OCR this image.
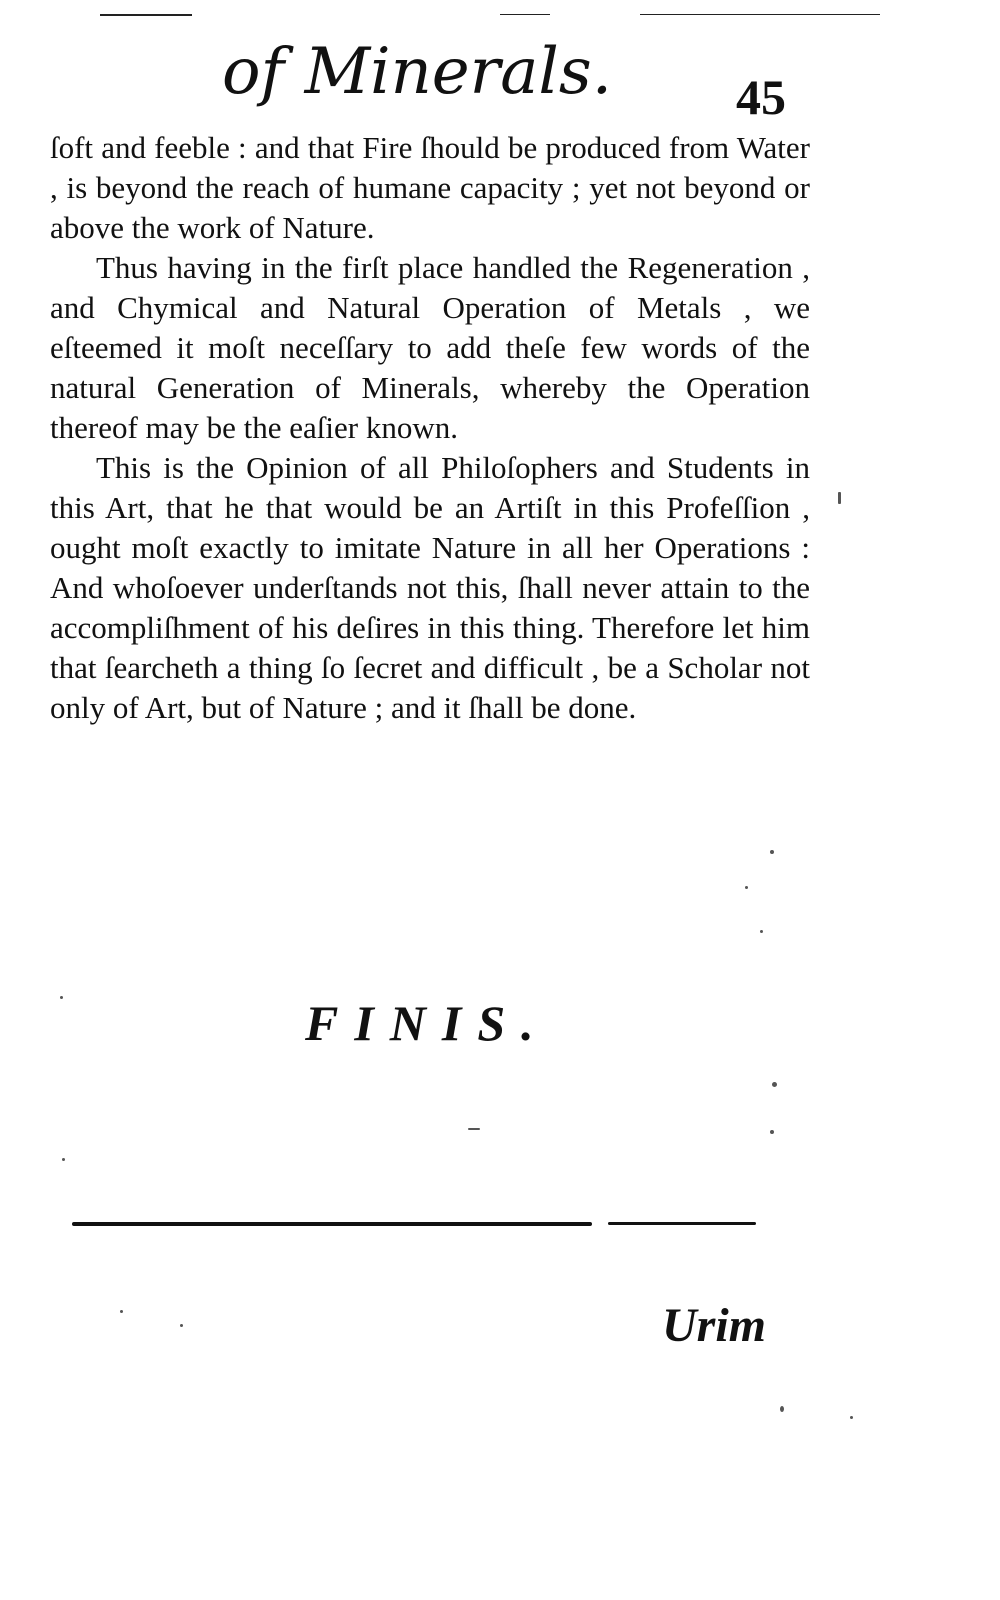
of Minerals. 45

ſoft and feeble : and that Fire ſhould be produced from Water , is beyond the reach of humane capacity ; yet not beyond or above the work of Nature.

Thus having in the firſt place handled the Regeneration , and Chymical and Natural Operation of Metals , we eſteemed it moſt neceſſary to add theſe few words of the natural Generation of Minerals, whereby the Operation thereof may be the eaſier known.

This is the Opinion of all Philoſophers and Students in this Art, that he that would be an Artiſt in this Profeſſion , ought moſt exactly to imitate Nature in all her Operations : And whoſoever underſtands not this, ſhall never attain to the accompliſhment of his deſires in this thing. Therefore let him that ſearcheth a thing ſo ſecret and difficult , be a Scholar not only of Art, but of Nature ; and it ſhall be done.

FINIS.
Urim
